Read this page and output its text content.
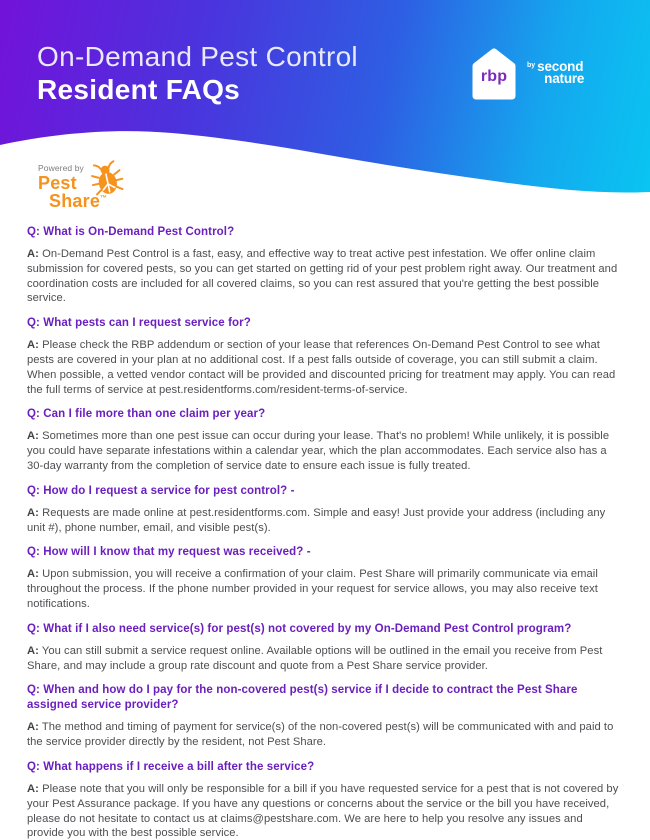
On-Demand Pest Control
Resident FAQs	rbp
by second
nature
Powered by
Pest
Share™
Q: What is On-Demand Pest Control?

A: On-Demand Pest Control is a fast, easy, and effective way to treat active pest infestation. We offer online claim submission for covered pests, so you can get started on getting rid of your pest problem right away. Our treatment and coordination costs are included for all covered claims, so you can rest assured that you're getting the best possible service.

Q: What pests can I request service for?

A: Please check the RBP addendum or section of your lease that references On-Demand Pest Control to see what pests are covered in your plan at no additional cost. If a pest falls outside of coverage, you can still submit a claim. When possible, a vetted vendor contact will be provided and discounted pricing for treatment may apply. You can read the full terms of service at pest.residentforms.com/resident-terms-of-service.

Q: Can I file more than one claim per year?

A: Sometimes more than one pest issue can occur during your lease. That's no problem! While unlikely, it is possible you could have separate infestations within a calendar year, which the plan accommodates. Each service also has a 30-day warranty from the completion of service date to ensure each issue is fully treated.

Q: How do I request a service for pest control? -

A: Requests are made online at pest.residentforms.com. Simple and easy! Just provide your address (including any unit #), phone number, email, and visible pest(s).

Q: How will I know that my request was received? -

A: Upon submission, you will receive a confirmation of your claim. Pest Share will primarily communicate via email throughout the process. If the phone number provided in your request for service allows, you may also receive text notifications.

Q: What if I also need service(s) for pest(s) not covered by my On-Demand Pest Control program?

A: You can still submit a service request online. Available options will be outlined in the email you receive from Pest Share, and may include a group rate discount and quote from a Pest Share service provider.

Q: When and how do I pay for the non-covered pest(s) service if I decide to contract the Pest Share assigned service provider?

A: The method and timing of payment for service(s) of the non-covered pest(s) will be communicated with and paid to the service provider directly by the resident, not Pest Share.

Q: What happens if I receive a bill after the service?

A: Please note that you will only be responsible for a bill if you have requested service for a pest that is not covered by your Pest Assurance package. If you have any questions or concerns about the service or the bill you have received, please do not hesitate to contact us at claims@pestshare.com. We are here to help you resolve any issues and provide you with the best possible service.
